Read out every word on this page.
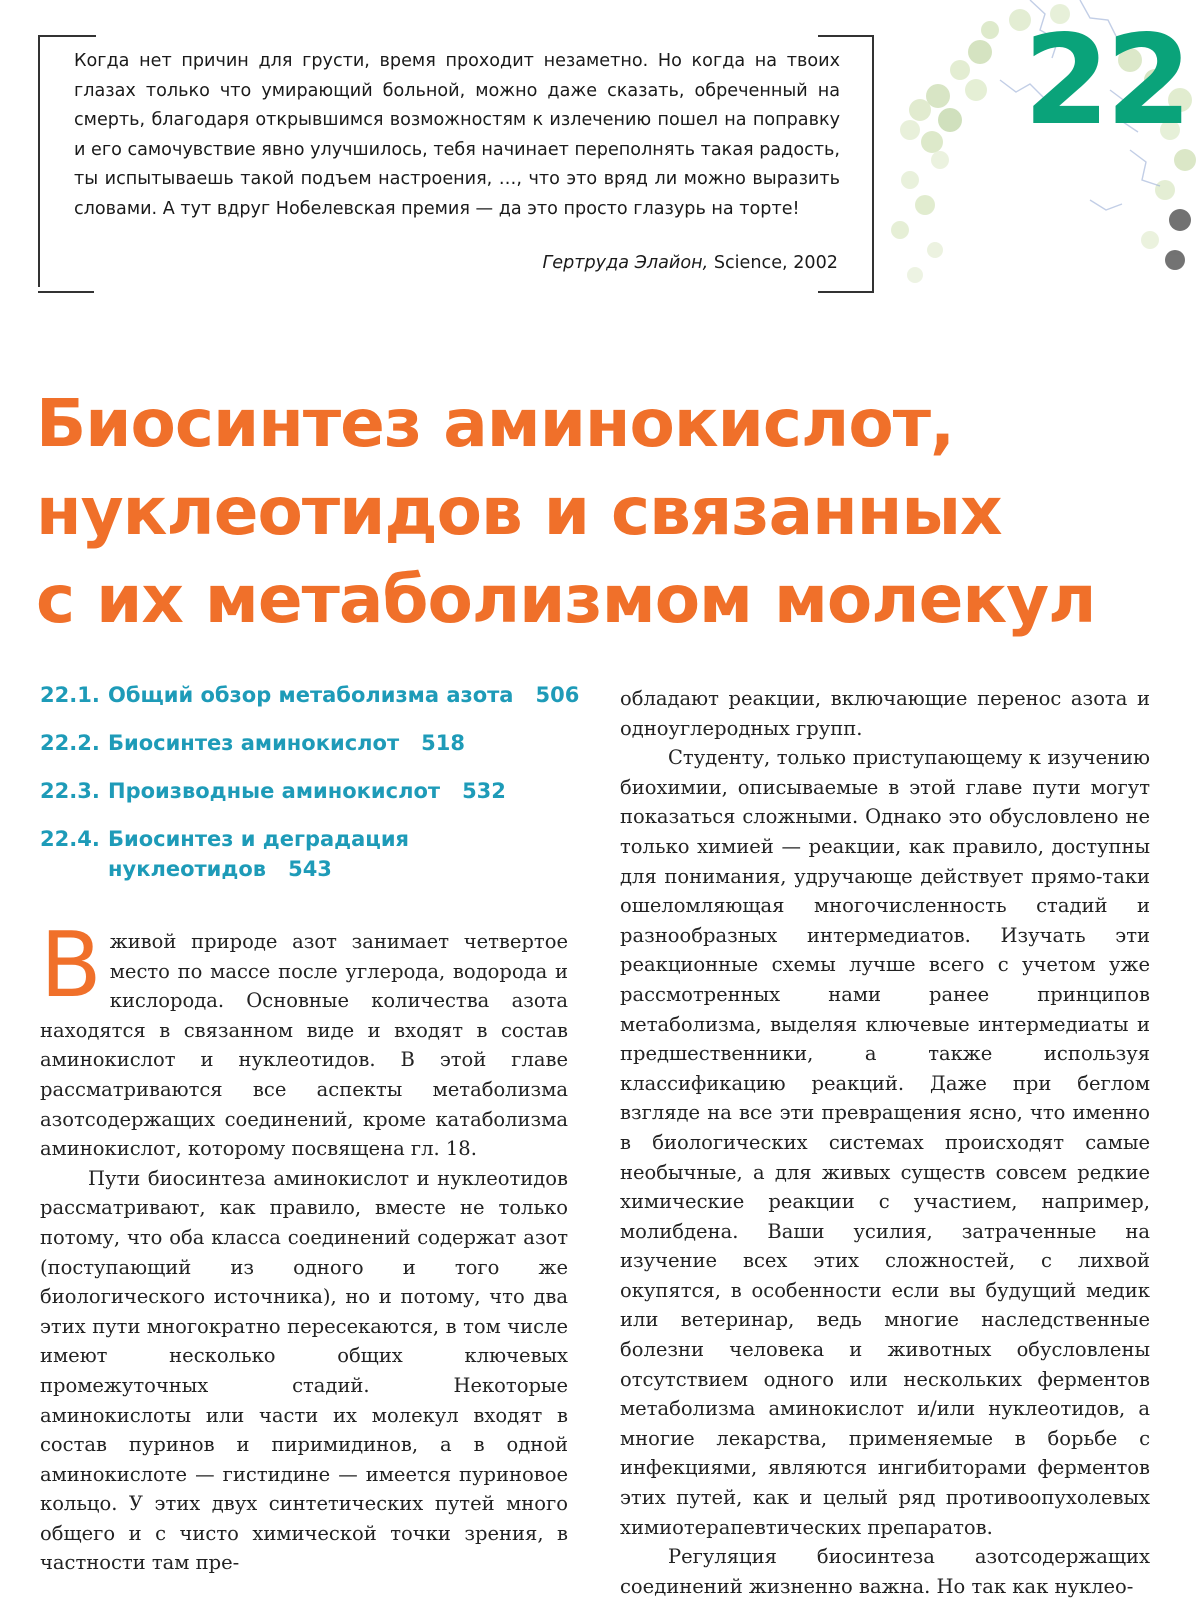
22

Когда нет причин для грусти, время проходит незаметно. Но когда на твоих глазах только что умирающий больной, можно даже сказать, обреченный на смерть, благодаря открывшимся возможностям к излечению пошел на поправку и его самочувствие явно улучшилось, тебя начинает переполнять такая радость, ты испытываешь такой подъем настроения, …, что это вряд ли можно выразить словами. А тут вдруг Нобелевская премия — да это просто глазурь на торте!

Гертруда Элайон, Science, 2002
Биосинтез аминокислот,
нуклеотидов и связанных
с их метаболизмом молекул
22.1. Общий обзор метаболизма азота 506
22.2. Биосинтез аминокислот 518
22.3. Производные аминокислот 532
22.4. Биосинтез и деградация
нуклеотидов 543

В живой природе азот занимает четвертое место по массе после углерода, водорода и кислорода. Основные количества азота находятся в связанном виде и входят в состав аминокислот и нуклеотидов. В этой главе рассматриваются все аспекты метаболизма азотсодержащих соединений, кроме катаболизма аминокислот, которому посвящена гл. 18.

Пути биосинтеза аминокислот и нуклеотидов рассматривают, как правило, вместе не только потому, что оба класса соединений содержат азот (поступающий из одного и того же биологического источника), но и потому, что два этих пути многократно пересекаются, в том числе имеют несколько общих ключевых промежуточных стадий. Некоторые аминокислоты или части их молекул входят в состав пуринов и пиримидинов, а в одной аминокислоте — гистидине — имеется пуриновое кольцо. У этих двух синтетических путей много общего и с чисто химической точки зрения, в частности там пре-

обладают реакции, включающие перенос азота и одноуглеродных групп.

Студенту, только приступающему к изучению биохимии, описываемые в этой главе пути могут показаться сложными. Однако это обусловлено не только химией — реакции, как правило, доступны для понимания, удручающе действует прямо-таки ошеломляющая многочисленность стадий и разнообразных интермедиатов. Изучать эти реакционные схемы лучше всего с учетом уже рассмотренных нами ранее принципов метаболизма, выделяя ключевые интермедиаты и предшественники, а также используя классификацию реакций. Даже при беглом взгляде на все эти превращения ясно, что именно в биологических системах происходят самые необычные, а для живых существ совсем редкие химические реакции с участием, например, молибдена. Ваши усилия, затраченные на изучение всех этих сложностей, с лихвой окупятся, в особенности если вы будущий медик или ветеринар, ведь многие наследственные болезни человека и животных обусловлены отсутствием одного или нескольких ферментов метаболизма аминокислот и/или нуклеотидов, а многие лекарства, применяемые в борьбе с инфекциями, являются ингибиторами ферментов этих путей, как и целый ряд противоопухолевых химиотерапевтических препаратов.

Регуляция биосинтеза азотсодержащих соединений жизненно важна. Но так как нуклео-
